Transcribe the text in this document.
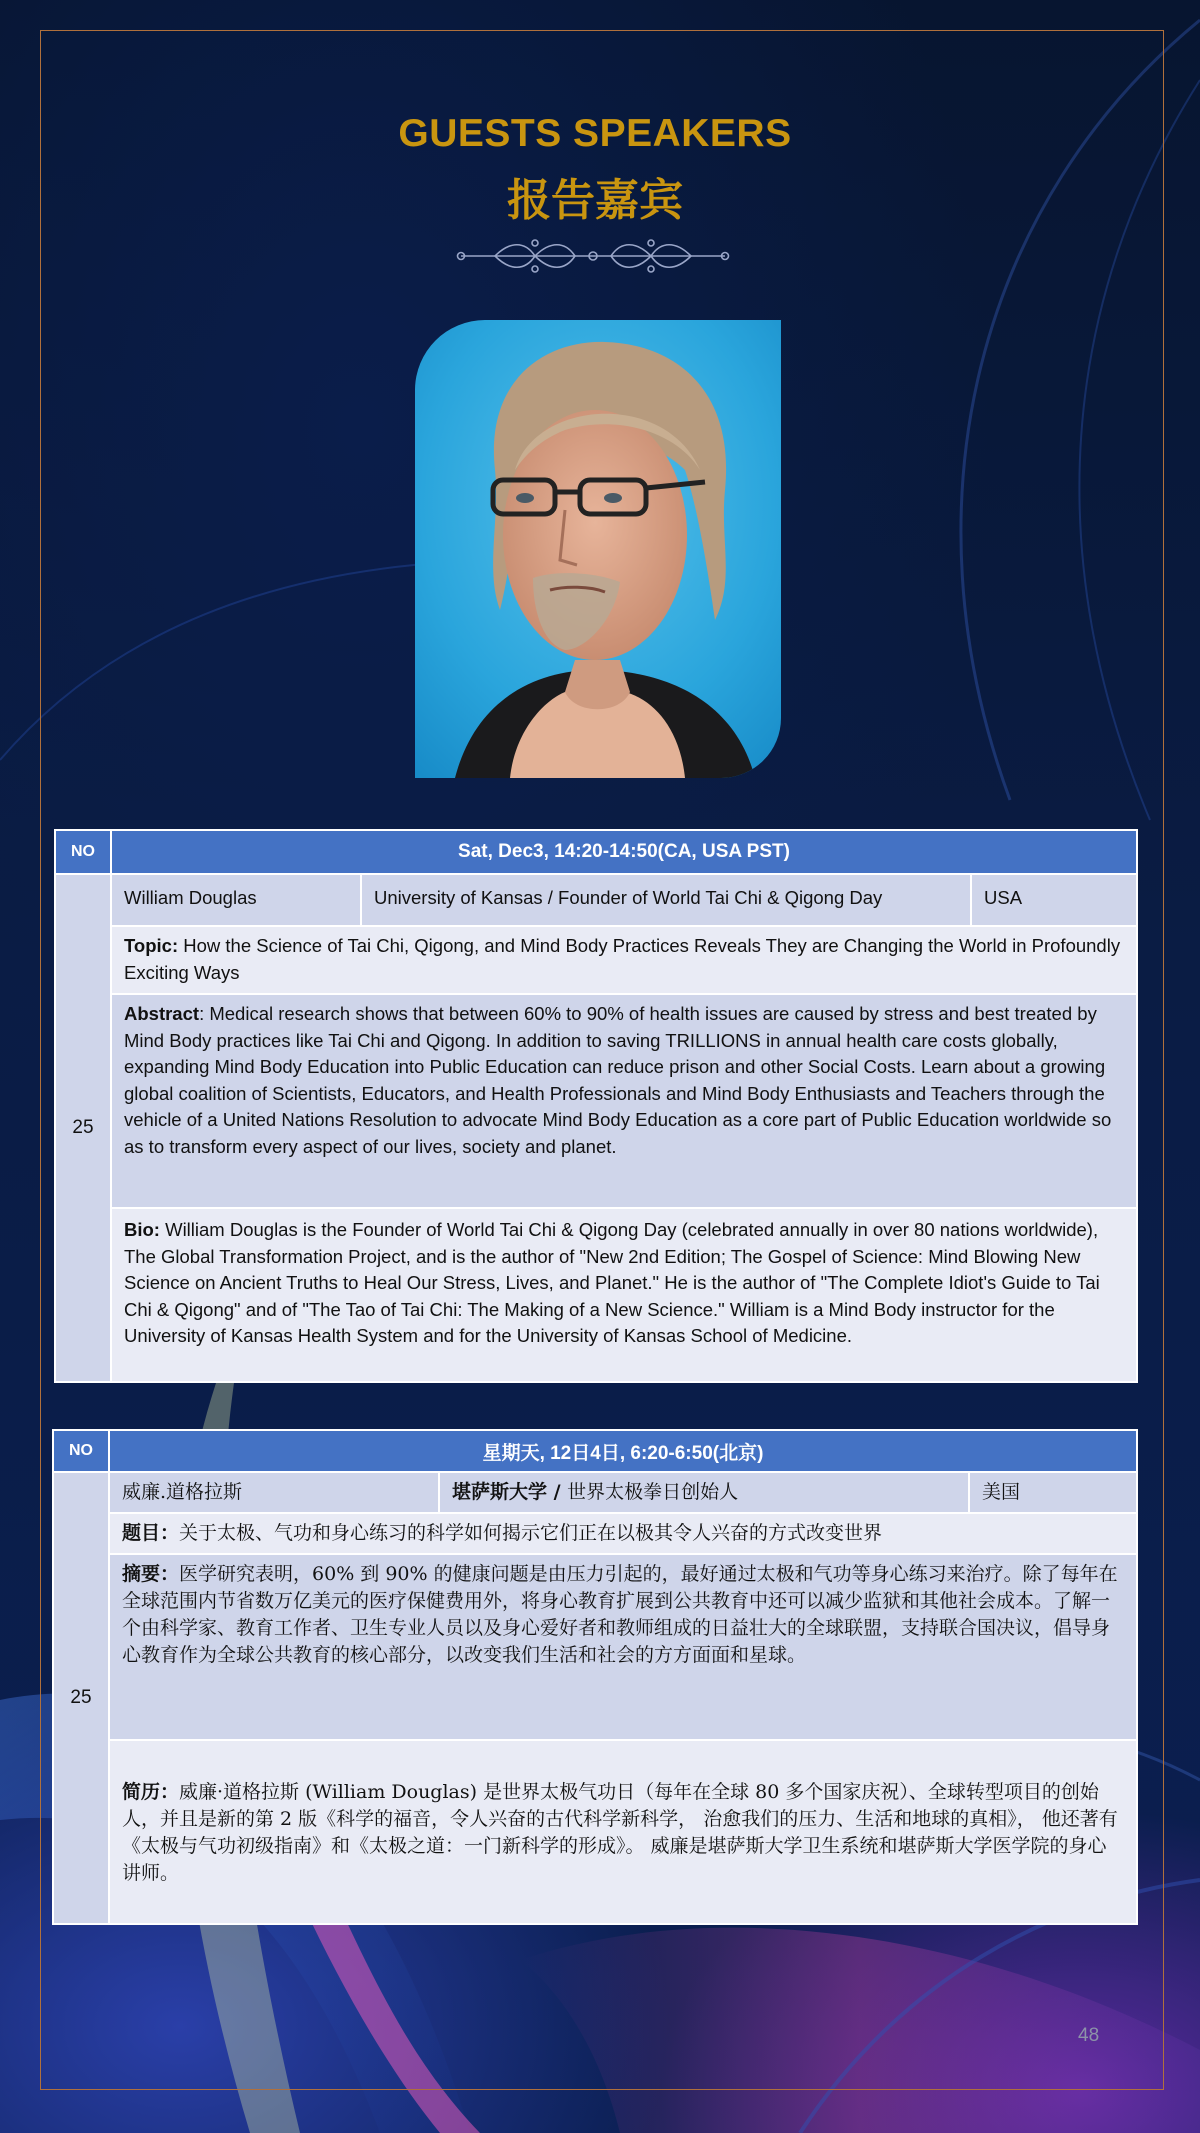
GUESTS SPEAKERS
报告嘉宾
NO	Sat, Dec3, 14:20-14:50(CA, USA PST)		
25	William Douglas	University of Kansas / Founder of World Tai Chi & Qigong Day	USA
	Topic: How the Science of Tai Chi, Qigong, and Mind Body Practices Reveals They are Changing the World in Profoundly Exciting Ways		
	Abstract: Medical research shows that between 60% to 90% of health issues are caused by stress and best treated by Mind Body practices like Tai Chi and Qigong. In addition to saving TRILLIONS in annual health care costs globally, expanding Mind Body Education into Public Education can reduce prison and other Social Costs. Learn about a growing global coalition of Scientists, Educators, and Health Professionals and Mind Body Enthusiasts and Teachers through the vehicle of a United Nations Resolution to advocate Mind Body Education as a core part of Public Education worldwide so as to transform every aspect of our lives, society and planet.		
	Bio: William Douglas is the Founder of World Tai Chi & Qigong Day (celebrated annually in over 80 nations worldwide), The Global Transformation Project, and is the author of "New 2nd Edition; The Gospel of Science: Mind Blowing New Science on Ancient Truths to Heal Our Stress, Lives, and Planet." He is the author of "The Complete Idiot's Guide to Tai Chi & Qigong" and of "The Tao of Tai Chi: The Making of a New Science." William is a Mind Body instructor for the University of Kansas Health System and for the University of Kansas School of Medicine.		
NO	星期天, 12日4日, 6:20-6:50(北京)		
25	威廉.道格拉斯	堪萨斯大学 / 世界太极拳日创始人	美国
	题目：关于太极、气功和身心练习的科学如何揭示它们正在以极其令人兴奋的方式改变世界		
	摘要：医学研究表明，60% 到 90% 的健康问题是由压力引起的，最好通过太极和气功等身心练习来治疗。除了每年在全球范围内节省数万亿美元的医疗保健费用外，将身心教育扩展到公共教育中还可以减少监狱和其他社会成本。了解一个由科学家、教育工作者、卫生专业人员以及身心爱好者和教师组成的日益壮大的全球联盟，支持联合国决议，倡导身心教育作为全球公共教育的核心部分，以改变我们生活和社会的方方面面和星球。		
	简历：威廉·道格拉斯 (William Douglas) 是世界太极气功日（每年在全球 80 多个国家庆祝）、全球转型项目的创始人，并且是新的第 2 版《科学的福音，令人兴奋的古代科学新科学， 治愈我们的压力、生活和地球的真相》， 他还著有《太极与气功初级指南》和《太极之道：一门新科学的形成》。 威廉是堪萨斯大学卫生系统和堪萨斯大学医学院的身心讲师。		
48
